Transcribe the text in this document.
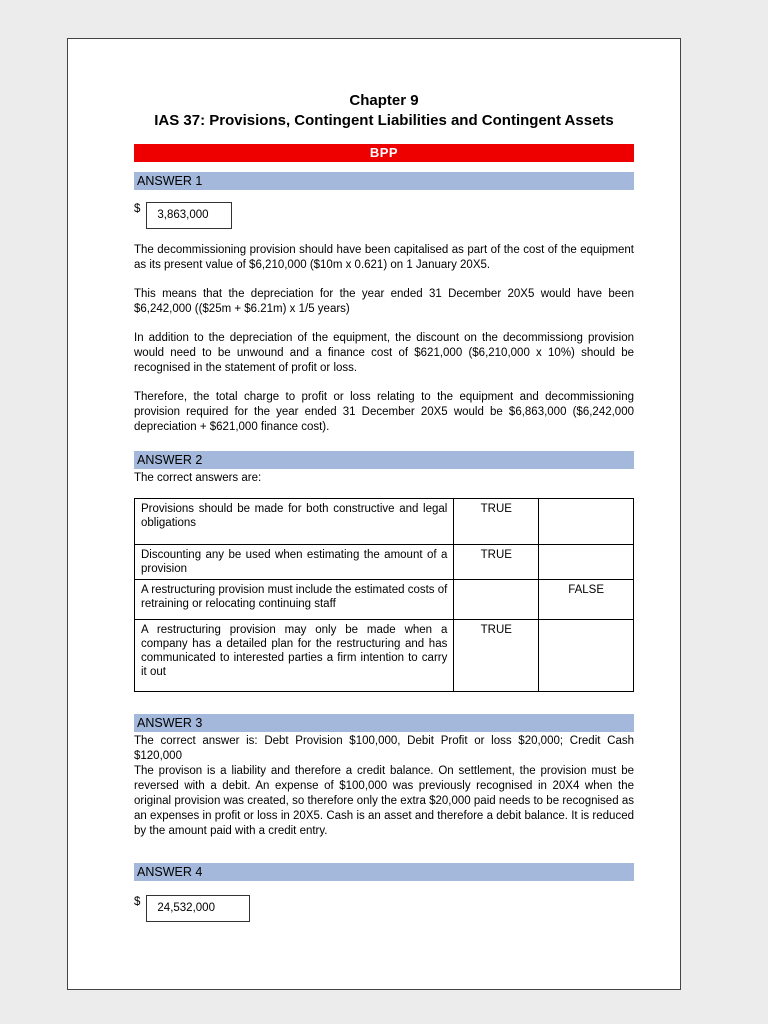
Chapter 9
IAS 37: Provisions, Contingent Liabilities and Contingent Assets
BPP
ANSWER 1
$	3,863,000

The decommissioning provision should have been capitalised as part of the cost of the equipment as its present value of $6,210,000 ($10m x 0.621) on 1 January 20X5.

This means that the depreciation for the year ended 31 December 20X5 would have been $6,242,000 (($25m + $6.21m) x 1/5 years)

In addition to the depreciation of the equipment, the discount on the decommissiong provision would need to be unwound and a finance cost of $621,000 ($6,210,000 x 10%) should be recognised in the statement of profit or loss.

Therefore, the total charge to profit or loss relating to the equipment and decommissioning provision required for the year ended 31 December 20X5 would be $6,863,000 ($6,242,000 depreciation + $621,000 finance cost).

ANSWER 2

The correct answers are:

Provisions should be made for both constructive and legal obligations	TRUE	
Discounting any be used when estimating the amount of a provision	TRUE	
A restructuring provision must include the estimated costs of retraining or relocating continuing staff		FALSE
A restructuring provision may only be made when a company has a detailed plan for the restructuring and has communicated to interested parties a firm intention to carry it out	TRUE	
ANSWER 3

The correct answer is: Debt Provision $100,000, Debit Profit or loss $20,000; Credit Cash $120,000

The provison is a liability and therefore a credit balance. On settlement, the provision must be reversed with a debit. An expense of $100,000 was previously recognised in 20X4 when the original provision was created, so therefore only the extra $20,000 paid needs to be recognised as an expenses in profit or loss in 20X5. Cash is an asset and therefore a debit balance. It is reduced by the amount paid with a credit entry.

ANSWER 4
$	24,532,000
